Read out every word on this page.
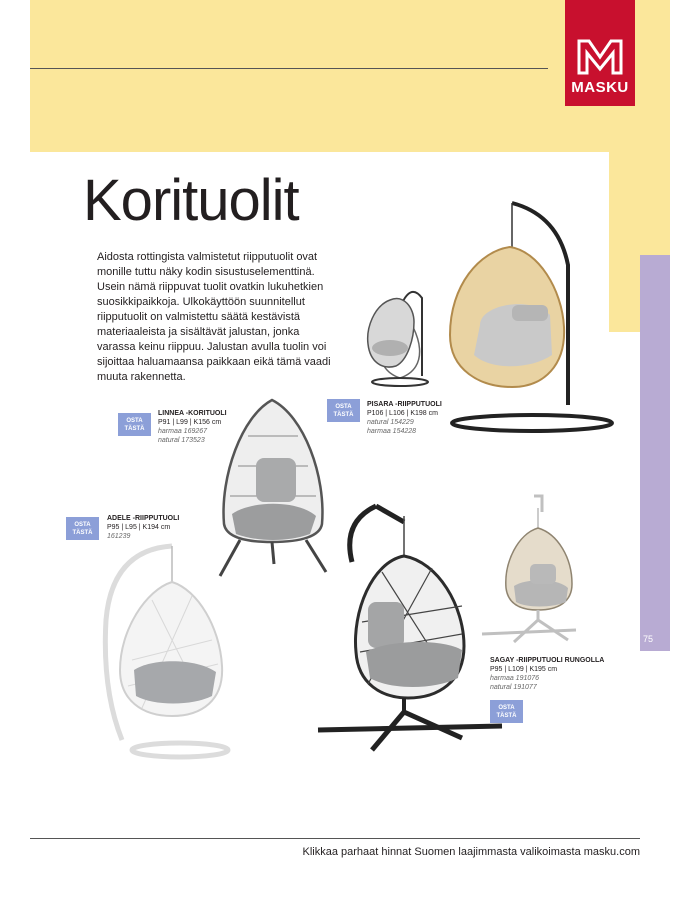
MASKU
Korituolit

Aidosta rottingista valmistetut riipputuolit ovat monille tuttu näky kodin sisustuselementtinä. Usein nämä riippuvat tuolit ovatkin lukuhetkien suosikkipaikkoja. Ulkokäyttöön suunnitellut riipputuolit on valmistettu säätä kestävistä materiaaleista ja sisältävät jalustan, jonka varassa keinu riippuu. Jalustan avulla tuolin voi sijoittaa haluamaansa paikkaan eikä tämä vaadi muuta rakennetta.

OSTA
TÄSTÄ
PISARA -RIIPPUTUOLI
P106 | L106 | K198 cm
natural 154229
harmaa 154228
OSTA
TÄSTÄ
LINNEA -KORITUOLI
P91 | L99 | K156 cm
harmaa 169267
natural 173523
OSTA
TÄSTÄ
ADELE -RIIPPUTUOLI
P95 | L95 | K194 cm
161239
SAGAY -RIIPPUTUOLI RUNGOLLA
P95 | L109 | K195 cm
harmaa 191076
natural 191077
OSTA
TÄSTÄ
75
Klikkaa parhaat hinnat Suomen laajimmasta valikoimasta masku.com
